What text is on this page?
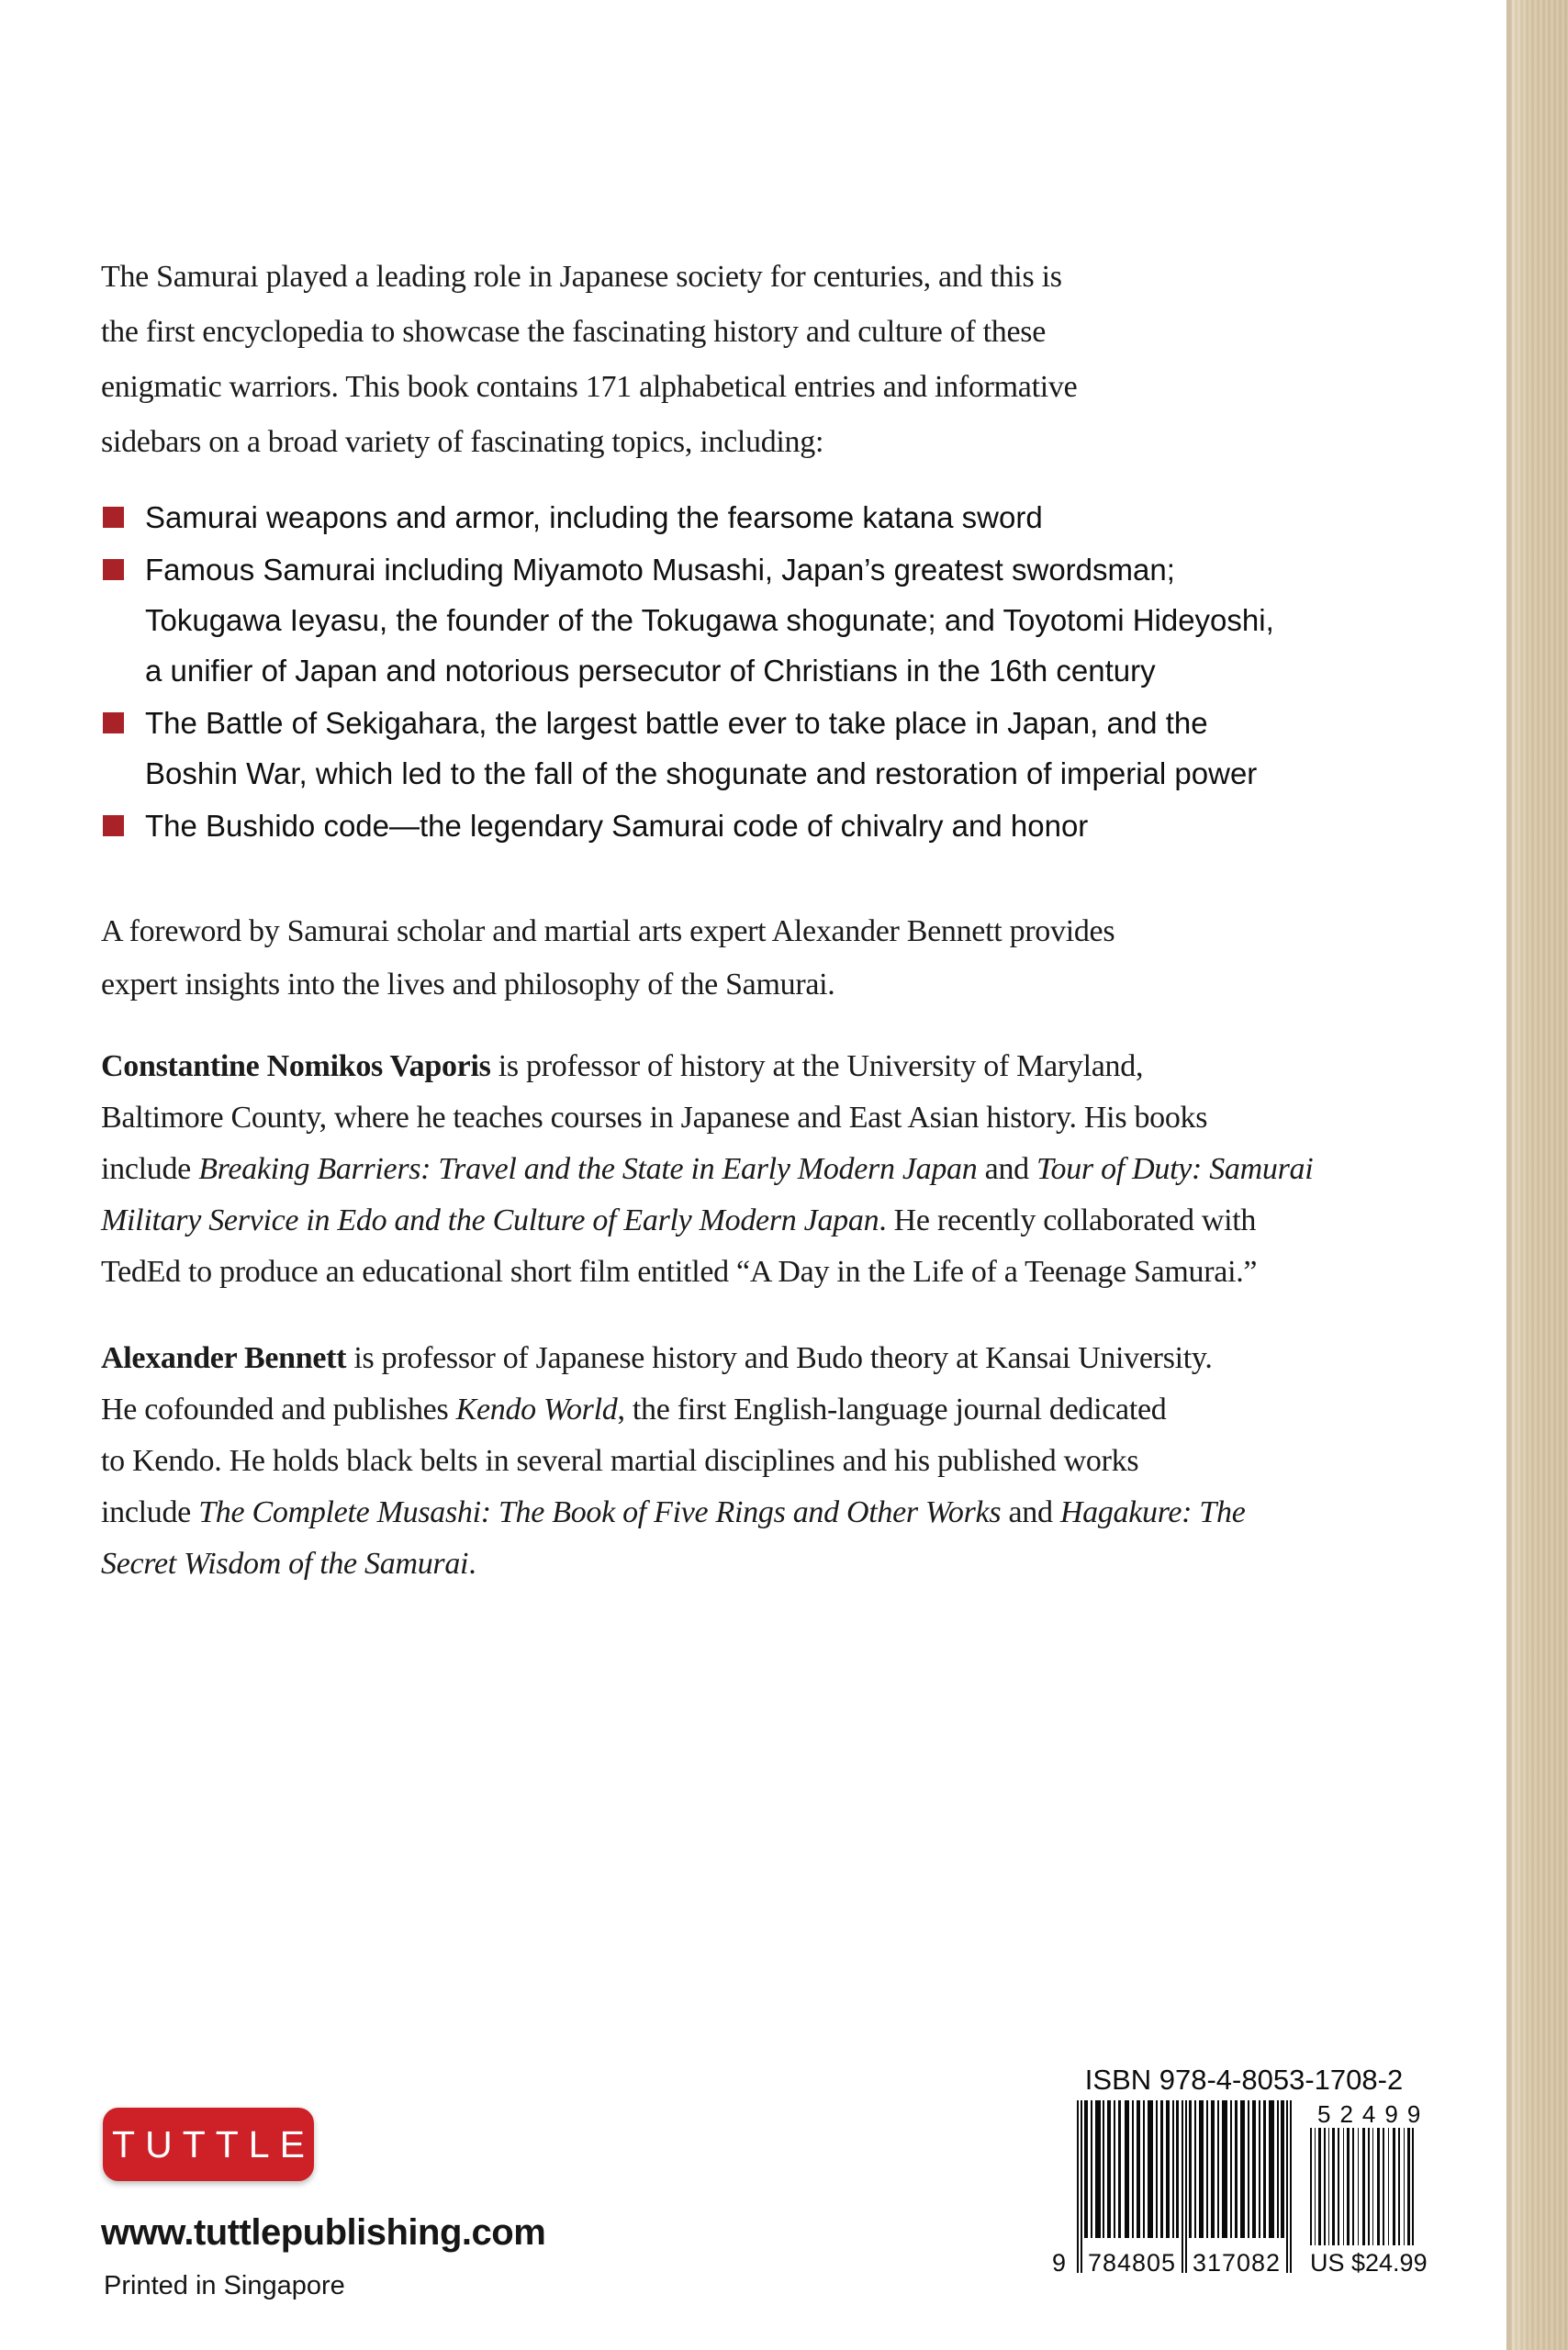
The Samurai played a leading role in Japanese society for centuries, and this is
the first encyclopedia to showcase the fascinating history and culture of these
enigmatic warriors. This book contains 171 alphabetical entries and informative
sidebars on a broad variety of fascinating topics, including:
Samurai weapons and armor, including the fearsome katana sword
Famous Samurai including Miyamoto Musashi, Japan’s greatest swordsman;
Tokugawa Ieyasu, the founder of the Tokugawa shogunate; and Toyotomi Hideyoshi,
a unifier of Japan and notorious persecutor of Christians in the 16th century
The Battle of Sekigahara, the largest battle ever to take place in Japan, and the
Boshin War, which led to the fall of the shogunate and restoration of imperial power
The Bushido code—the legendary Samurai code of chivalry and honor
A foreword by Samurai scholar and martial arts expert Alexander Bennett provides
expert insights into the lives and philosophy of the Samurai.
Constantine Nomikos Vaporis is professor of history at the University of Maryland,
Baltimore County, where he teaches courses in Japanese and East Asian history. His books
include Breaking Barriers: Travel and the State in Early Modern Japan and Tour of Duty: Samurai
Military Service in Edo and the Culture of Early Modern Japan. He recently collaborated with
TedEd to produce an educational short film entitled “A Day in the Life of a Teenage Samurai.”
Alexander Bennett is professor of Japanese history and Budo theory at Kansai University.
He cofounded and publishes Kendo World, the first English-language journal dedicated
to Kendo. He holds black belts in several martial disciplines and his published works
include The Complete Musashi: The Book of Five Rings and Other Works and Hagakure: The
Secret Wisdom of the Samurai.
TUTTLE
www.tuttlepublishing.com
Printed in Singapore
ISBN 978-4-8053-1708-2
9 784805 317082
52499
US $24.99
